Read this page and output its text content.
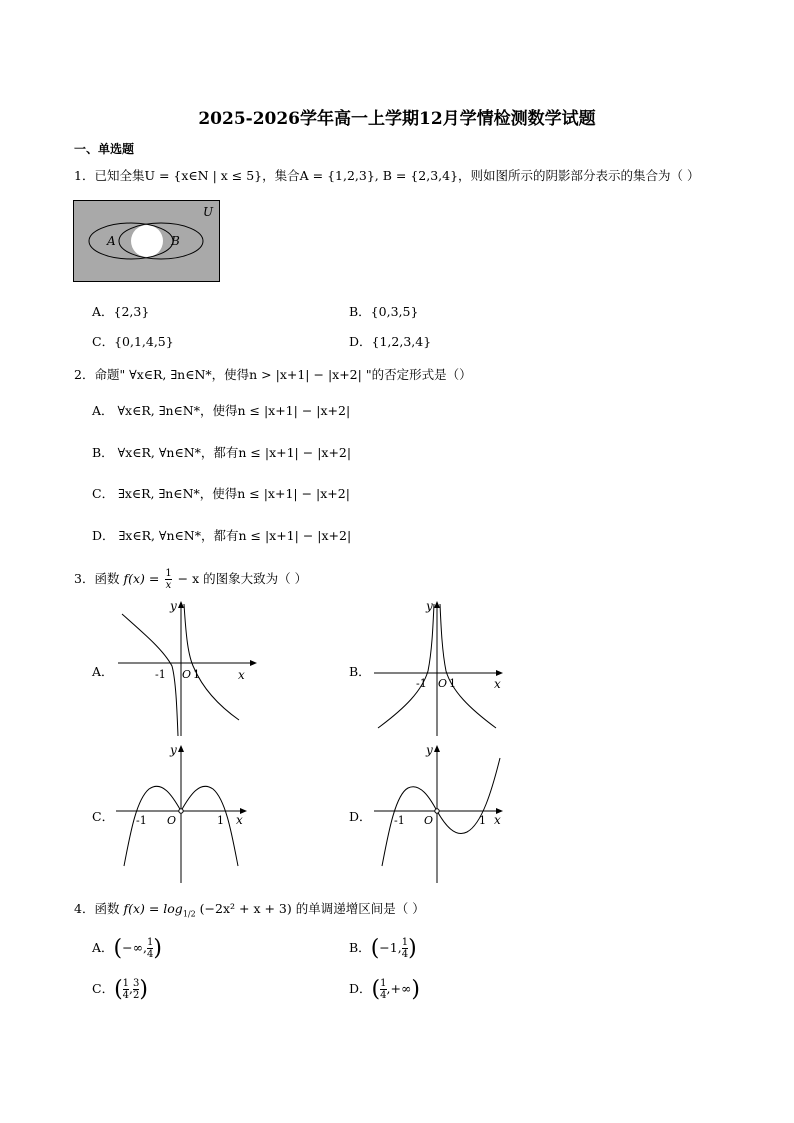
2025-2026学年高一上学期12月学情检测数学试题
一、单选题
1．已知全集U = {x∈N | x ≤ 5}，集合A = {1,2,3}, B = {2,3,4}，则如图所示的阴影部分表示的集合为（ ）
U
A	B
A．{2,3}	B．{0,3,5}
C．{0,1,4,5}	D．{1,2,3,4}
2．命题" ∀x∈R, ∃n∈N*，使得n > |x+1| − |x+2| "的否定形式是（）
A． ∀x∈R, ∃n∈N*，使得n ≤ |x+1| − |x+2|
B． ∀x∈R, ∀n∈N*，都有n ≤ |x+1| − |x+2|
C． ∃x∈R, ∃n∈N*，使得n ≤ |x+1| − |x+2|
D． ∃x∈R, ∀n∈N*，都有n ≤ |x+1| − |x+2|
3．函数 $f(x) = \frac{1}{x} - x$ 的图象大致为（ ）
A．
y
x
-1 O 1	B．
y
x
-1 O 1
C．
y
x
-1 O	1	D．
y
x
-1 O	1
4．函数 $f(x) = \log_{1/2} (-2x^2 + x + 3)$ 的单调递增区间是（ ）
A．(−∞, $\frac{1}{4}$ )	B．(−1, $\frac{1}{4}$ )
C．( $\frac{1}{4}$ , $\frac{3}{2}$ )	D．( $\frac{1}{4}$ ,+∞)
